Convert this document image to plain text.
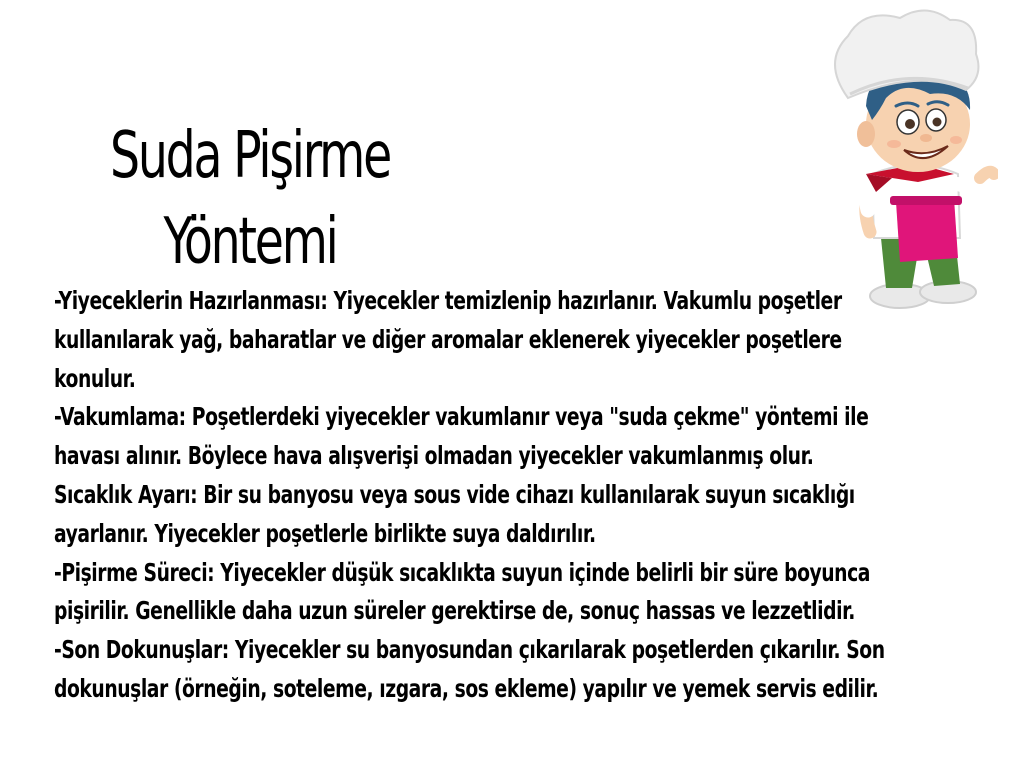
Suda Pişirme
Yöntemi
-Yiyeceklerin Hazırlanması: Yiyecekler temizlenip hazırlanır. Vakumlu poşetler
kullanılarak yağ, baharatlar ve diğer aromalar eklenerek yiyecekler poşetlere
konulur.
-Vakumlama: Poşetlerdeki yiyecekler vakumlanır veya "suda çekme" yöntemi ile
havası alınır. Böylece hava alışverişi olmadan yiyecekler vakumlanmış olur.
Sıcaklık Ayarı: Bir su banyosu veya sous vide cihazı kullanılarak suyun sıcaklığı
ayarlanır. Yiyecekler poşetlerle birlikte suya daldırılır.
-Pişirme Süreci: Yiyecekler düşük sıcaklıkta suyun içinde belirli bir süre boyunca
pişirilir. Genellikle daha uzun süreler gerektirse de, sonuç hassas ve lezzetlidir.
-Son Dokunuşlar: Yiyecekler su banyosundan çıkarılarak poşetlerden çıkarılır. Son
dokunuşlar (örneğin, soteleme, ızgara, sos ekleme) yapılır ve yemek servis edilir.
